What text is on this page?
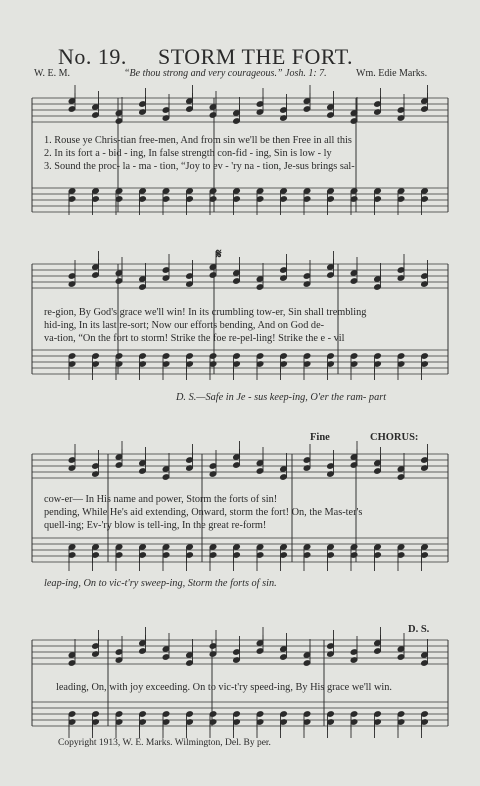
No. 19. STORM THE FORT.
W. E. M.	“Be thou strong and very courageous.” Josh. 1: 7.	Wm. Edie Marks.
1. Rouse ye Chris-tian free-men, And from sin we'll be then Free in all this
2. In its fort a - bid - ing, In false strength con-fid - ing, Sin is low - ly
3. Sound the proc- la - ma - tion, “Joy to ev - 'ry na - tion, Je-sus brings sal-
𝄋
re-gion, By God's grace we'll win! In its crumbling tow-er, Sin shall trembling
hid-ing, In its last re-sort; Now our efforts bending, And on God de-
va-tion, “On the fort to storm! Strike the foe re-pel-ling! Strike the e - vil
D. S.—Safe in Je - sus keep-ing, O'er the ram- part
Fine	CHORUS:
cow-er— In His name and power, Storm the forts of sin!
pending, While He's aid extending, Onward, storm the fort! On, the Mas-ter's
quell-ing; Ev-'ry blow is tell-ing, In the great re-form!
leap-ing, On to vic-t'ry sweep-ing, Storm the forts of sin.
D. S.
leading, On, with joy exceeding. On to vic-t'ry speed-ing, By His grace we'll win.
Copyright 1913, W. E. Marks. Wilmington, Del. By per.
